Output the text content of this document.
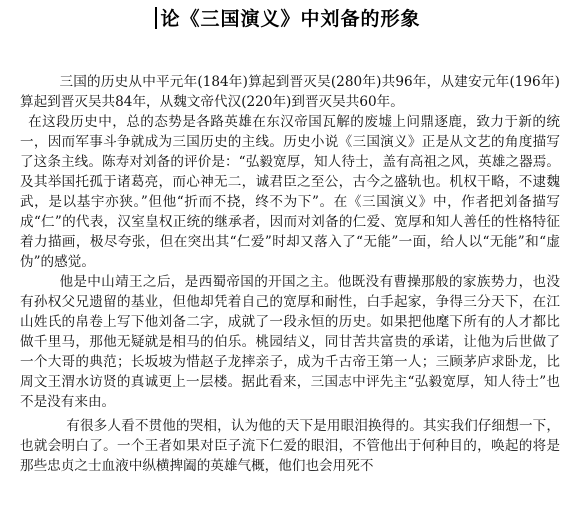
论《三国演义》中刘备的形象

三国的历史从中平元年(184年)算起到晋灭吴(280年)共96年，从建安元年(196年)算起到晋灭吴共84年，从魏文帝代汉(220年)到晋灭吴共60年。

在这段历史中，总的态势是各路英雄在东汉帝国瓦解的废墟上问鼎逐鹿，致力于新的统一，因而军事斗争就成为三国历史的主线。历史小说《三国演义》正是从文艺的角度描写了这条主线。陈寿对刘备的评价是：“弘毅宽厚，知人待士，盖有高祖之风，英雄之器焉。及其举国托孤于诸葛亮，而心神无二，诚君臣之至公，古今之盛轨也。机权干略，不逮魏武，是以基宇亦狭。”但他“折而不挠，终不为下”。在《三国演义》中，作者把刘备描写成“仁”的代表，汉室皇权正统的继承者，因而对刘备的仁爱、宽厚和知人善任的性格特征着力描画，极尽夸张，但在突出其“仁爱”时却又落入了“无能”一面，给人以“无能”和“虚伪”的感觉。

他是中山靖王之后，是西蜀帝国的开国之主。他既没有曹操那般的家族势力，也没有孙权父兄遗留的基业，但他却凭着自己的宽厚和耐性，白手起家，争得三分天下，在江山姓氏的帛卷上写下他刘备二字，成就了一段永恒的历史。如果把他麾下所有的人才都比做千里马，那他无疑就是相马的伯乐。桃园结义，同甘苦共富贵的承诺，让他为后世做了一个大哥的典范；长坂坡为惜赵子龙摔亲子，成为千古帝王第一人；三顾茅庐求卧龙，比周文王渭水访贤的真诚更上一层楼。据此看来，三国志中评先主“弘毅宽厚，知人待士”也不是没有来由。

有很多人看不贯他的哭相，认为他的天下是用眼泪换得的。其实我们仔细想一下，也就会明白了。一个王者如果对臣子流下仁爱的眼泪，不管他出于何种目的，唤起的将是那些忠贞之士血液中纵横捭阖的英雄气概，他们也会用死不
